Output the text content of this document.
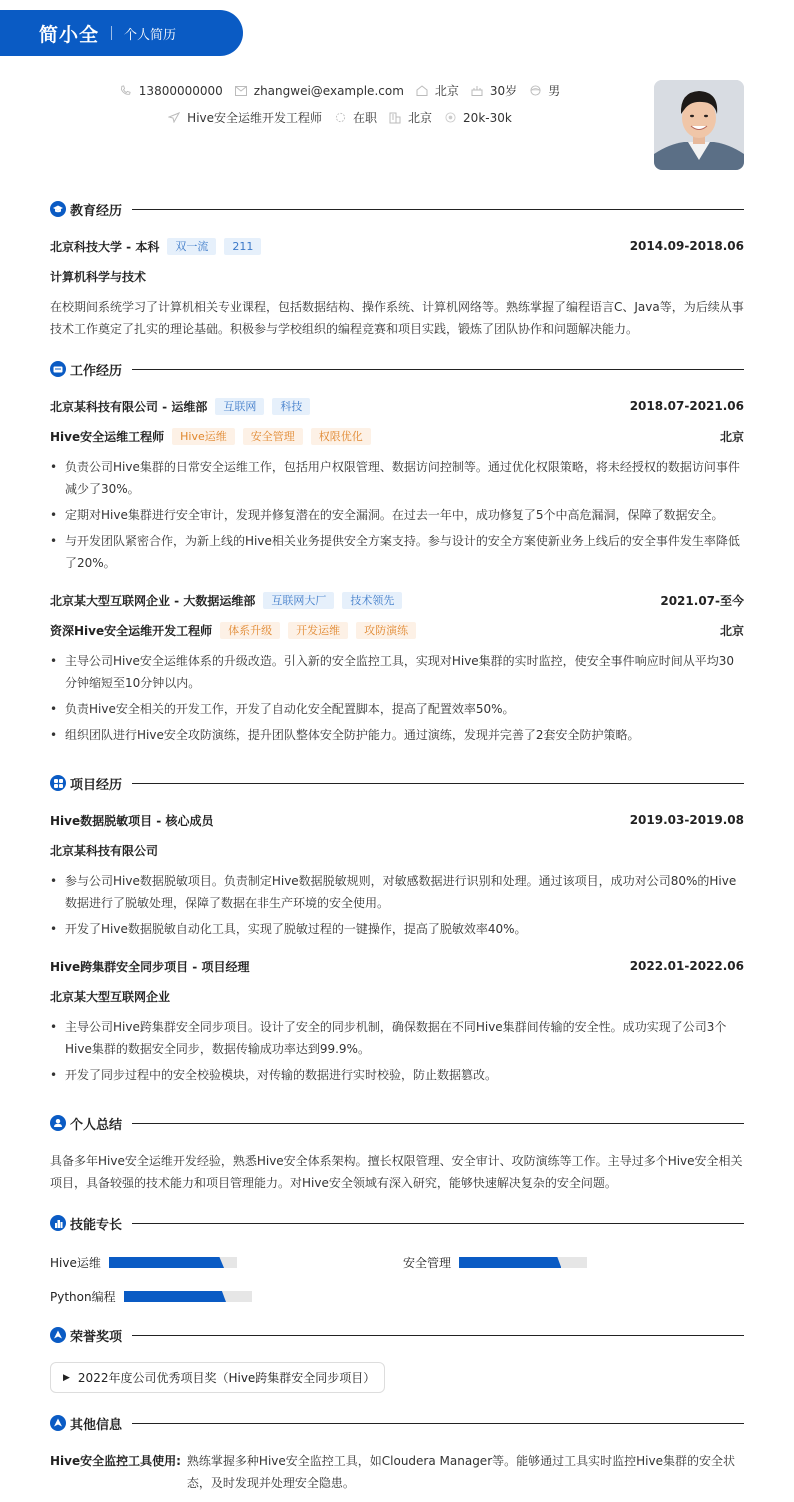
简小全 个人简历
13800000000	zhangwei@example.com	北京	30岁	男
Hive安全运维开发工程师	在职	北京	20k-30k
教育经历
北京科技大学 - 本科	双一流	211	2014.09-2018.06
计算机科学与技术
在校期间系统学习了计算机相关专业课程，包括数据结构、操作系统、计算机网络等。熟练掌握了编程语言C、Java等，为后续从事技术工作奠定了扎实的理论基础。积极参与学校组织的编程竞赛和项目实践，锻炼了团队协作和问题解决能力。
工作经历
北京某科技有限公司 - 运维部	互联网	科技	2018.07-2021.06
Hive安全运维工程师	Hive运维	安全管理	权限优化	北京
• 负责公司Hive集群的日常安全运维工作，包括用户权限管理、数据访问控制等。通过优化权限策略，将未经授权的数据访问事件减少了30%。
• 定期对Hive集群进行安全审计，发现并修复潜在的安全漏洞。在过去一年中，成功修复了5个中高危漏洞，保障了数据安全。
• 与开发团队紧密合作，为新上线的Hive相关业务提供安全方案支持。参与设计的安全方案使新业务上线后的安全事件发生率降低了20%。
北京某大型互联网企业 - 大数据运维部	互联网大厂	技术领先	2021.07-至今
资深Hive安全运维开发工程师	体系升级	开发运维	攻防演练	北京
• 主导公司Hive安全运维体系的升级改造。引入新的安全监控工具，实现对Hive集群的实时监控，使安全事件响应时间从平均30分钟缩短至10分钟以内。
• 负责Hive安全相关的开发工作，开发了自动化安全配置脚本，提高了配置效率50%。
• 组织团队进行Hive安全攻防演练，提升团队整体安全防护能力。通过演练，发现并完善了2套安全防护策略。
项目经历
Hive数据脱敏项目 - 核心成员	2019.03-2019.08
北京某科技有限公司
• 参与公司Hive数据脱敏项目。负责制定Hive数据脱敏规则，对敏感数据进行识别和处理。通过该项目，成功对公司80%的Hive数据进行了脱敏处理，保障了数据在非生产环境的安全使用。
• 开发了Hive数据脱敏自动化工具，实现了脱敏过程的一键操作，提高了脱敏效率40%。
Hive跨集群安全同步项目 - 项目经理	2022.01-2022.06
北京某大型互联网企业
• 主导公司Hive跨集群安全同步项目。设计了安全的同步机制，确保数据在不同Hive集群间传输的安全性。成功实现了公司3个Hive集群的数据安全同步，数据传输成功率达到99.9%。
• 开发了同步过程中的安全校验模块，对传输的数据进行实时校验，防止数据篡改。
个人总结
具备多年Hive安全运维开发经验，熟悉Hive安全体系架构。擅长权限管理、安全审计、攻防演练等工作。主导过多个Hive安全相关项目，具备较强的技术能力和项目管理能力。对Hive安全领域有深入研究，能够快速解决复杂的安全问题。
技能专长
Hive运维	安全管理
Python编程
荣誉奖项
▶ 2022年度公司优秀项目奖（Hive跨集群安全同步项目）
其他信息
Hive安全监控工具使用: 熟练掌握多种Hive安全监控工具，如Cloudera Manager等。能够通过工具实时监控Hive集群的安全状态，及时发现并处理安全隐患。
